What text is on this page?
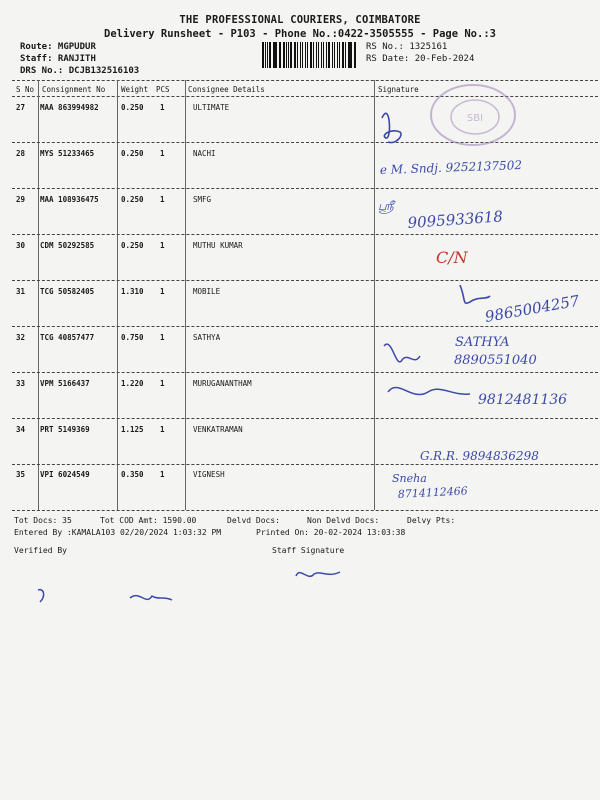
THE PROFESSIONAL COURIERS, COIMBATORE
Delivery Runsheet - P103 - Phone No.:0422-3505555 - Page No.:3
Route: MGPUDUR
Staff: RANJITH
DRS No.: DCJB132516103
RS No.: 1325161
RS Date: 20-Feb-2024
S No Consignment No Weight PCS Consignee Details	Signature
27 MAA 863994982	0.250 1	ULTIMATE
28 MYS 51233465	0.250 1	NACHI
29 MAA 108936475	0.250 1	SMFG
30 CDM 50292585	0.250 1	MUTHU KUMAR
31 TCG 50582405	1.310 1	MOBILE
32 TCG 40857477	0.750 1	SATHYA
33 VPM 5166437	1.220 1	MURUGANANTHAM
34 PRT 5149369	1.125 1	VENKATRAMAN
35 VPI 6024549	0.350 1	VIGNESH
Tot Docs: 35	Tot COD Amt: 1590.00	Delvd Docs:	Non Delvd Docs:	Delvy Pts:
Entered By :KAMALA103 02/20/2024 1:03:32 PM	Printed On: 20-02-2024 13:03:38
Verified By	Staff Signature
SBI
e M. Sndj. 9252137502
ஸ்ரீ
9095933618
C/N
9865004257
SATHYA
8890551040
9812481136
G.R.R. 9894836298
Sneha
8714112466
